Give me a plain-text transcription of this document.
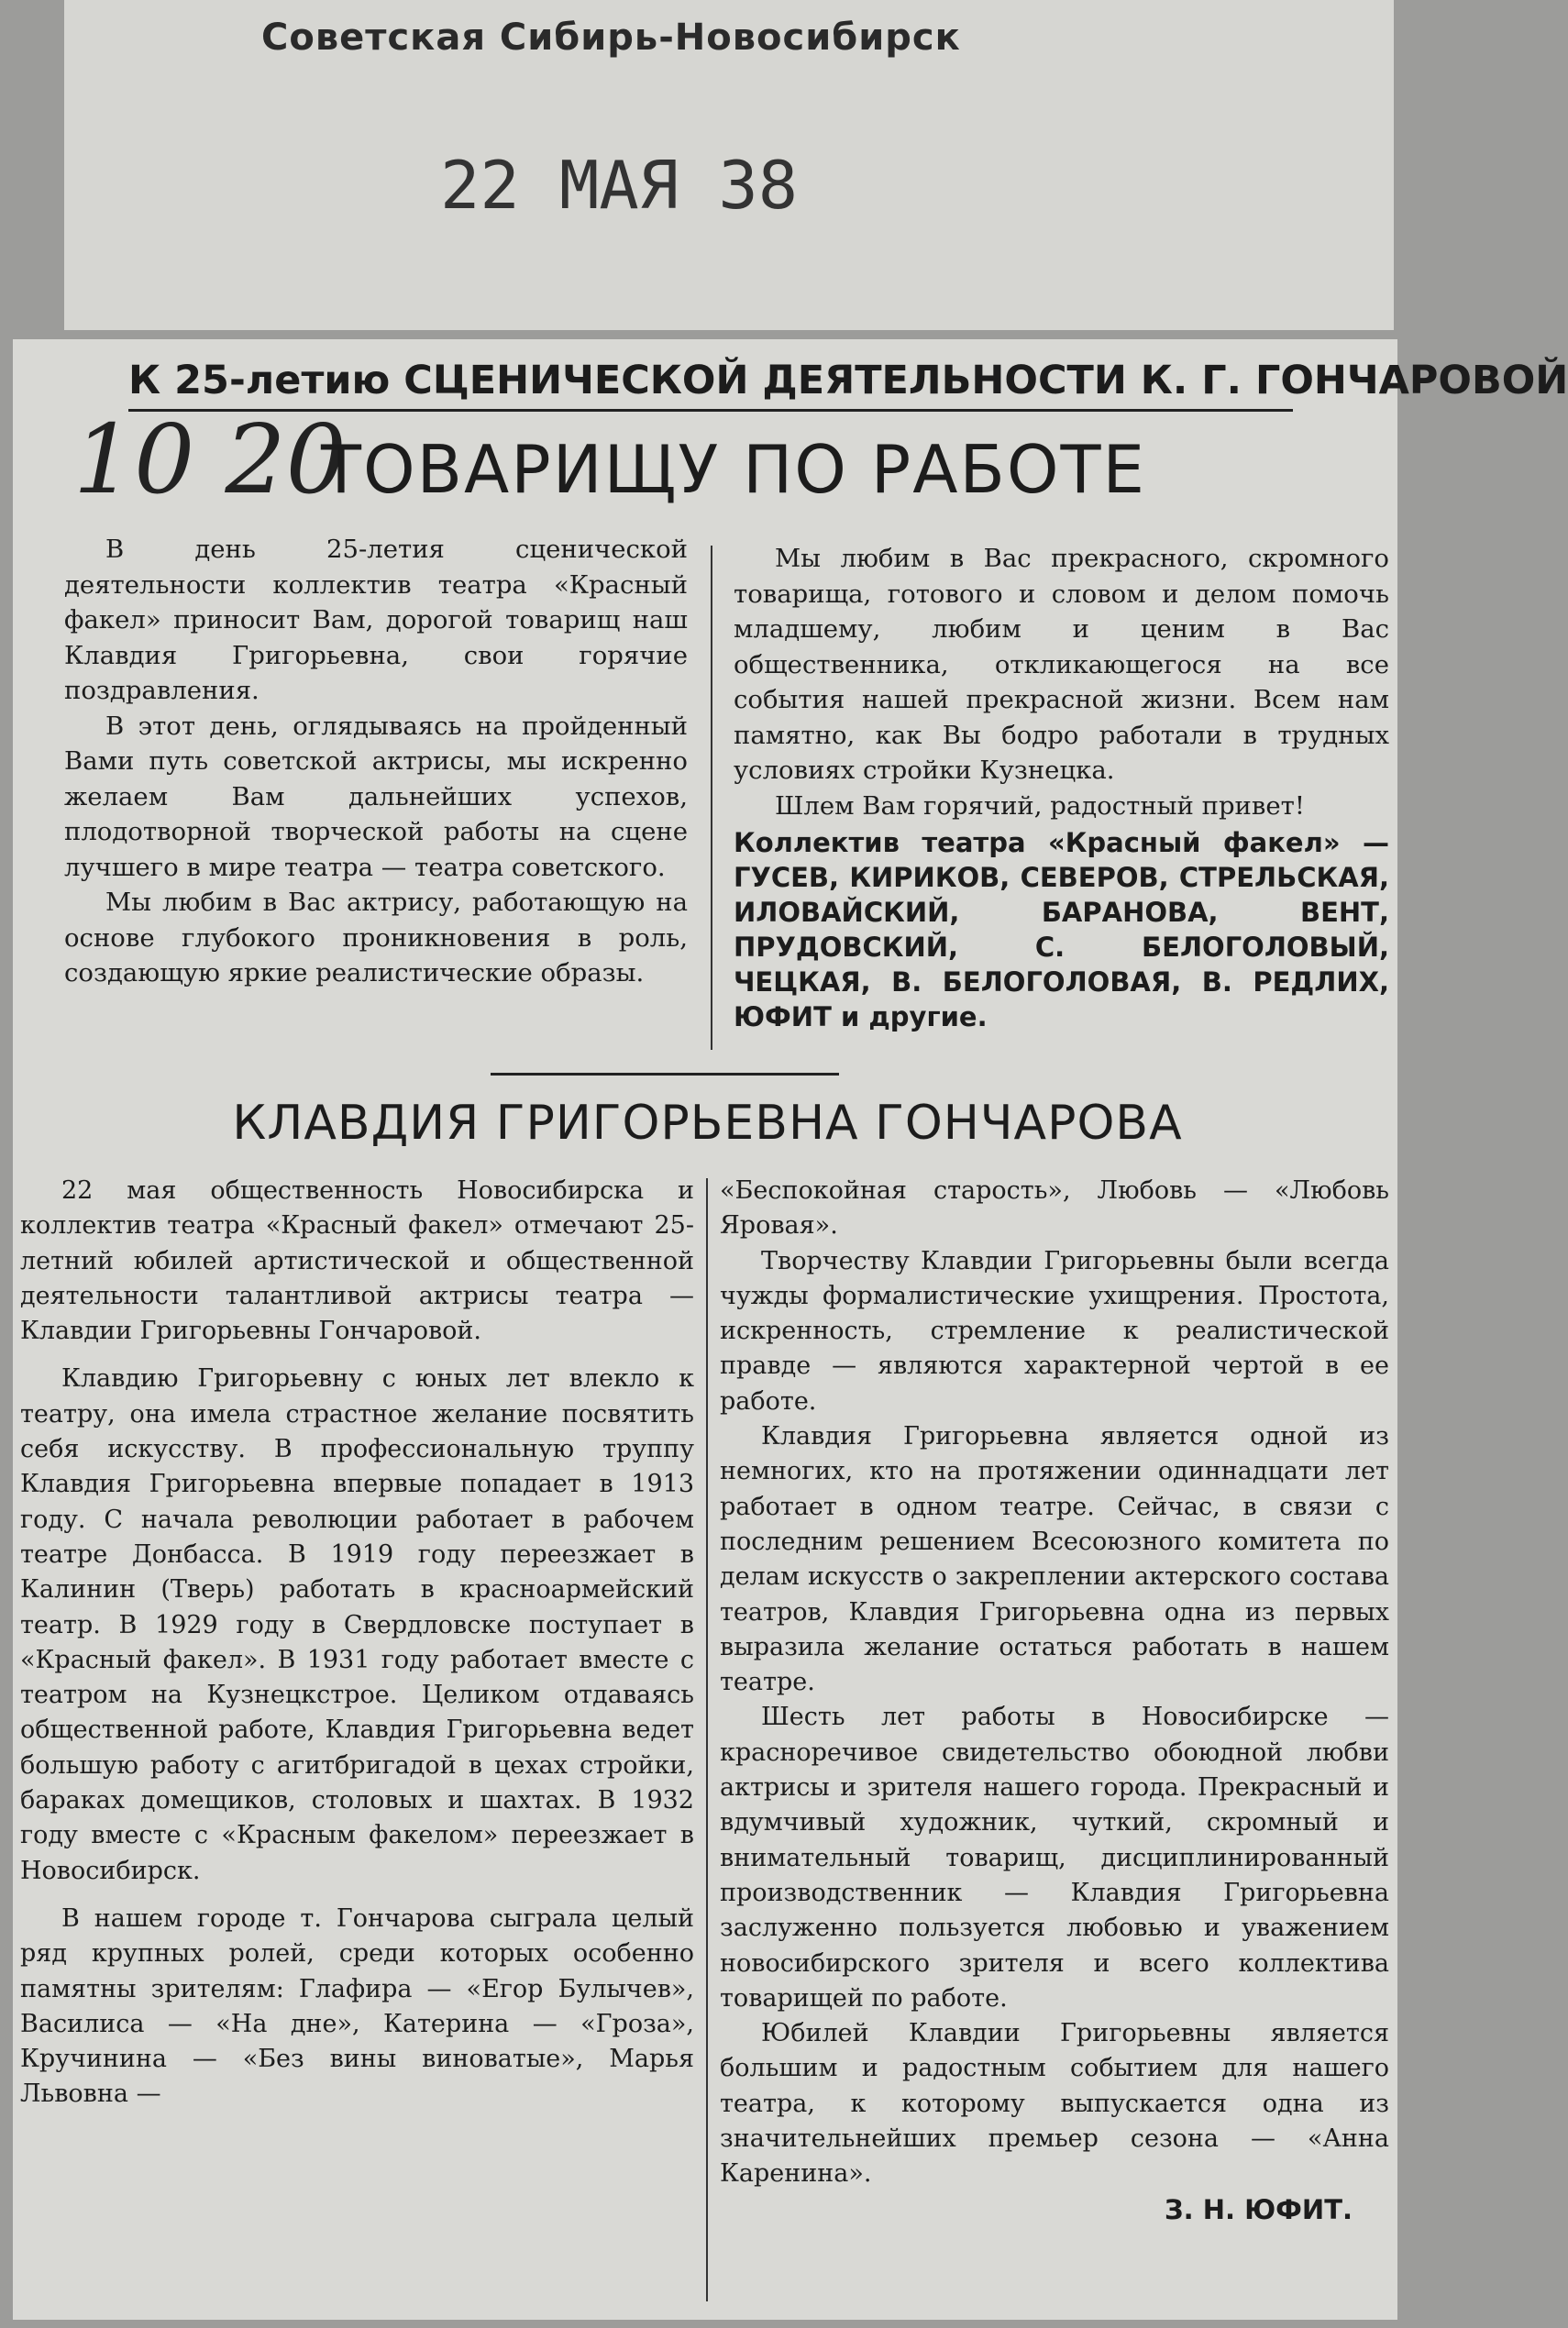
Советская Сибирь-Новосибирск
22 МАЯ 38
К 25-летию СЦЕНИЧЕСКОЙ ДЕЯТЕЛЬНОСТИ К. Г. ГОНЧАРОВОЙ
10 20
ТОВАРИЩУ ПО РАБОТЕ

В день 25-летия сценической деятельности коллектив театра «Красный факел» приносит Вам, дорогой товарищ наш Клавдия Григорьевна, свои горячие поздравления.

В этот день, оглядываясь на пройденный Вами путь советской актрисы, мы искренно желаем Вам дальнейших успехов, плодотворной творческой работы на сцене лучшего в мире театра — театра советского.

Мы любим в Вас актрису, работающую на основе глубокого проникновения в роль, создающую яркие реалистические образы.

Мы любим в Вас прекрасного, скромного товарища, готового и словом и делом помочь младшему, любим и ценим в Вас общественника, откликающегося на все события нашей прекрасной жизни. Всем нам памятно, как Вы бодро работали в трудных условиях стройки Кузнецка.

Шлем Вам горячий, радостный привет!

Коллектив театра «Красный факел» — ГУСЕВ, КИРИКОВ, СЕВЕРОВ, СТРЕЛЬСКАЯ, ИЛОВАЙСКИЙ, БАРАНОВА, ВЕНТ, ПРУДОВСКИЙ, С. БЕЛОГОЛОВЫЙ, ЧЕЦКАЯ, В. БЕЛОГОЛОВАЯ, В. РЕДЛИХ, ЮФИТ и другие.
КЛАВДИЯ ГРИГОРЬЕВНА ГОНЧАРОВА

22 мая общественность Новосибирска и коллектив театра «Красный факел» отмечают 25-летний юбилей артистической и общественной деятельности талантливой актрисы театра — Клавдии Григорьевны Гончаровой.

Клавдию Григорьевну с юных лет влекло к театру, она имела страстное желание посвятить себя искусству. В профессиональную труппу Клавдия Григорьевна впервые попадает в 1913 году. С начала революции работает в рабочем театре Донбасса. В 1919 году переезжает в Калинин (Тверь) работать в красноармейский театр. В 1929 году в Свердловске поступает в «Красный факел». В 1931 году работает вместе с театром на Кузнецкстрое. Целиком отдаваясь общественной работе, Клавдия Григорьевна ведет большую работу с агитбригадой в цехах стройки, бараках домещиков, столовых и шахтах. В 1932 году вместе с «Красным факелом» переезжает в Новосибирск.

В нашем городе т. Гончарова сыграла целый ряд крупных ролей, среди которых особенно памятны зрителям: Глафира — «Егор Булычев», Василиса — «На дне», Катерина — «Гроза», Кручинина — «Без вины виноватые», Марья Львовна —

«Беспокойная старость», Любовь — «Любовь Яровая».

Творчеству Клавдии Григорьевны были всегда чужды формалистические ухищрения. Простота, искренность, стремление к реалистической правде — являются характерной чертой в ее работе.

Клавдия Григорьевна является одной из немногих, кто на протяжении одиннадцати лет работает в одном театре. Сейчас, в связи с последним решением Всесоюзного комитета по делам искусств о закреплении актерского состава театров, Клавдия Григорьевна одна из первых выразила желание остаться работать в нашем театре.

Шесть лет работы в Новосибирске — красноречивое свидетельство обоюдной любви актрисы и зрителя нашего города. Прекрасный и вдумчивый художник, чуткий, скромный и внимательный товарищ, дисциплинированный производственник — Клавдия Григорьевна заслуженно пользуется любовью и уважением новосибирского зрителя и всего коллектива товарищей по работе.

Юбилей Клавдии Григорьевны является большим и радостным событием для нашего театра, к которому выпускается одна из значительнейших премьер сезона — «Анна Каренина».

З. Н. ЮФИТ.
